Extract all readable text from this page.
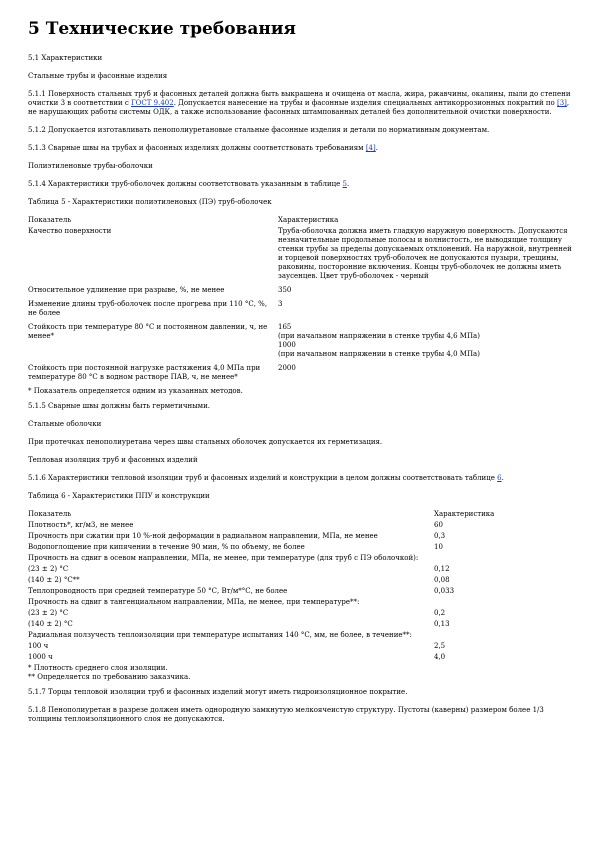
5 Технические требования

5.1 Характеристики

Стальные трубы и фасонные изделия

5.1.1 Поверхность стальных труб и фасонных деталей должна быть выкрашена и очищена от масла, жира, ржавчины, окалины, пыли до степени очистки 3 в соответствии с ГОСТ 9.402. Допускается нанесение на трубы и фасонные изделия специальных антикоррозионных покрытий по [3], не нарушающих работы системы ОДК, а также использование фасонных штампованных деталей без дополнительной очистки поверхности.

5.1.2 Допускается изготавливать пенополиуретановые стальные фасонные изделия и детали по нормативным документам.

5.1.3 Сварные швы на трубах и фасонных изделиях должны соответствовать требованиям [4].

Полиэтиленовые трубы-оболочки

5.1.4 Характеристики труб-оболочек должны соответствовать указанным в таблице 5.

Таблица 5 - Характеристики полиэтиленовых (ПЭ) труб-оболочек

Показатель	Характеристика
Качество поверхности	Труба-оболочка должна иметь гладкую наружную поверхность. Допускаются незначительные продольные полосы и волнистость, не выводящие толщину стенки трубы за пределы допускаемых отклонений. На наружной, внутренней и торцевой поверхностях труб-оболочек не допускаются пузыри, трещины, раковины, посторонние включения. Концы труб-оболочек не должны иметь заусенцев. Цвет труб-оболочек - черный
Относительное удлинение при разрыве, %, не менее	350
Изменение длины труб-оболочек после прогрева при 110 °С, %, не более	3
Стойкость при температуре 80 °С и постоянном давлении, ч, не менее*	165
(при начальном напряжении в стенке трубы 4,6 МПа)
1000
(при начальном напряжении в стенке трубы 4,0 МПа)
Стойкость при постоянной нагрузке растяжения 4,0 МПа при температуре 80 °С в водном растворе ПАВ, ч, не менее*	2000

* Показатель определяется одним из указанных методов.

5.1.5 Сварные швы должны быть герметичными.

Стальные оболочки

При протечках пенополиуретана через швы стальных оболочек допускается их герметизация.

Тепловая изоляция труб и фасонных изделий

5.1.6 Характеристики тепловой изоляции труб и фасонных изделий и конструкции в целом должны соответствовать таблице 6.

Таблица 6 - Характеристики ППУ и конструкции

Показатель	Характеристика
Плотность*, кг/м3, не менее	60
Прочность при сжатии при 10 %-ной деформации в радиальном направлении, МПа, не менее	0,3
Водопоглощение при кипячении в течение 90 мин, % по объему, не более	10
Прочность на сдвиг в осевом направлении, МПа, не менее, при температуре (для труб с ПЭ оболочкой):	
(23 ± 2) °С	0,12
(140 ± 2) °С**	0,08
Теплопроводность при средней температуре 50 °С, Вт/м*°С, не более	0,033
Прочность на сдвиг в тангенциальном направлении, МПа, не менее, при температуре**:	
(23 ± 2) °С	0,2
(140 ± 2) °С	0,13
Радиальная ползучесть теплоизоляции при температуре испытания 140 °С, мм, не более, в течение**:	
100 ч	2,5
1000 ч	4,0

* Плотность среднего слоя изоляции.

** Определяется по требованию заказчика.

5.1.7 Торцы тепловой изоляции труб и фасонных изделий могут иметь гидроизоляционное покрытие.

5.1.8 Пенополиуретан в разрезе должен иметь однородную замкнутую мелкоячеистую структуру. Пустоты (каверны) размером более 1/3 толщины теплоизоляционного слоя не допускаются.
